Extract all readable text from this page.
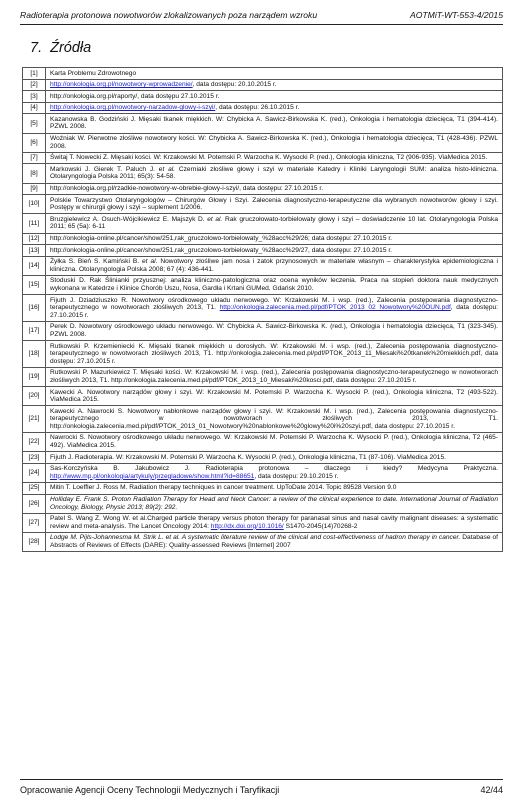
Radioterapia protonowa nowotworów zlokalizowanych poza narządem wzroku	AOTMiT-WT-553-4/2015
7. Źródła
[1]	Karta Problemu Zdrowotnego
[2]	http://onkologia.org.pl/nowotwory-wprowadzenie/, data dostępu: 20.10.2015 r.
[3]	http://onkologia.org.pl/raporty/, data dostępu 27.10.2015 r.
[4]	http://onkologia.org.pl/nowotwory-narzadow-glowy-i-szyi/, data dostępu: 26.10.2015 r.
[5]	Kazanowska B. Godziński J. Mięsaki tkanek miękkich. W: Chybicka A. Sawicz-Birkowska K. (red.), Onkologia i hematologia dziecięca, T1 (394-414). PZWL 2008.
[6]	Woźniak W. Pierwotne złośliwe nowotwory kości. W: Chybicka A. Sawicz-Birkowska K. (red.), Onkologia i hematologia dziecięca, T1 (428-436). PZWL 2008.
[7]	Świtaj T. Nowecki Z. Mięsaki kości. W: Krzakowski M. Potemski P. Warzocha K. Wysocki P. (red.), Onkologia kliniczna, T2 (906-935). ViaMedica 2015.
[8]	Markowski J. Gierek T. Paluch J. et al. Czerniaki złośliwe głowy i szyi w materiale Katedry i Kliniki Laryngologii SUM: analiza histo-kliniczna. Otolaryngologia Polska 2011; 65(3): 54-58.
[9]	http://onkologia.org.pl/rzadkie-nowotwory-w-obrebie-glowy-i-szyi/, data dostępu: 27.10.2015 r.
[10]	Polskie Towarzystwo Otolaryngologów – Chirurgów Głowy i Szyi. Zalecenia diagnostyczno-terapeutyczne dla wybranych nowotworów głowy i szyi. Postępy w chirurgii głowy i szyi – suplement 1/2006.
[11]	Bruzgielewicz A. Osuch-Wójcikiewicz E. Majszyk D. et al. Rak gruczołowato-torbielowaty głowy i szyi – doświadczenie 10 lat. Otolaryngologia Polska 2011; 65 (5a): 6-11
[12]	http://onkologia-online.pl/cancer/show/251,rak_gruczolowo-torbielowaty_%28acc%29/26; data dostępu: 27.10.2015 r.
[13]	http://onkologia-online.pl/cancer/show/251,rak_gruczolowo-torbielowaty_%28acc%29/27, data dostępu: 27.10.2015 r.
[14]	Żyłka S. Bień S. Kamiński B. et al. Nowotwory złośliwe jam nosa i zatok przynosowych w materiale własnym – charakterystyka epidemiologiczna i kliniczna. Otolaryngologia Polska 2008; 67 (4): 436-441.
[15]	Stoduski D. Rak Ślinianki przyusznej: analiza kliniczno-patologiczna oraz ocena wyników leczenia. Praca na stopień doktora nauk medycznych wykonana w Katedrze i Klinice Chorób Uszu, Nosa, Gardła i Krtani GUMed. Gdańsk 2010.
[16]	Fijuth J. Dziadziuszko R. Nowotwory ośrodkowego układu nerwowego. W: Krzakowski M. i wsp. (red.), Zalecenia postępowania diagnostyczno-terapeutycznego w nowotworach złośliwych 2013, T1. http://onkologia.zalecenia.med.pl/pdf/PTOK_2013_02_Nowotwory%20OUN.pdf, data dostępu: 27.10.2015 r.
[17]	Perek D. Nowotwory ośrodkowego układu nerwowego. W: Chybicka A. Sawicz-Birkowska K. (red.), Onkologia i hematologia dziecięca, T1 (323-345). PZWL 2008.
[18]	Rutkowski P. Krzemieniecki K. Mięsaki tkanek miękkich u dorosłych. W: Krzakowski M. i wsp. (red.), Zalecenia postępowania diagnostyczno-terapeutycznego w nowotworach złośliwych 2013, T1. http://onkologia.zalecenia.med.pl/pdf/PTOK_2013_11_Miesaki%20tkanek%20miekkich.pdf, data dostępu: 27.10.2015 r.
[19]	Rutkowski P. Mazurkiewicz T. Mięsaki kości. W: Krzakowski M. i wsp. (red.), Zalecenia postępowania diagnostyczno-terapeutycznego w nowotworach złośliwych 2013, T1. http://onkologia.zalecenia.med.pl/pdf/PTOK_2013_10_Miesaki%20kosci.pdf, data dostępu: 27.10.2015 r.
[20]	Kawecki A. Nowotwory narządów głowy i szyi. W: Krzakowski M. Potemski P. Warzocha K. Wysocki P. (red.), Onkologia kliniczna, T2 (493-522). ViaMedica 2015.
[21]	Kawecki A. Nawrocki S. Nowotwory nabłonkowe narządów głowy i szyi. W: Krzakowski M. i wsp. (red.), Zalecenia postępowania diagnostyczno-terapeutycznego w nowotworach złośliwych 2013, T1. http://onkologia.zalecenia.med.pl/pdf/PTOK_2013_01_Nowotwory%20nablonkowe%20glowy%20i%20szyi.pdf, data dostępu: 27.10.2015 r.
[22]	Nawrocki S. Nowotwory ośrodkowego układu nerwowego. W: Krzakowski M. Potemski P. Warzocha K. Wysocki P. (red.), Onkologia kliniczna, T2 (465-492). ViaMedica 2015.
[23]	Fijuth J. Radioterapia. W: Krzakowski M. Potemski P. Warzocha K. Wysocki P. (red.), Onkologia kliniczna, T1 (87-106). ViaMedica 2015.
[24]	Sas-Korczyńska B. Jakubowicz J. Radioterapia protonowa – dlaczego i kiedy? Medycyna Praktyczna. http://www.mp.pl/onkologia/artykuly/przegladowe/show.html?id=88651, data dostępu: 29.10.2015 r.
[25]	Mitin T. Loeffler J. Ross M. Radiation therapy techniques in cancer treatment. UpToDate 2014. Topic 89528 Version 9.0
[26]	Holliday E. Frank S. Proton Radiation Therapy for Head and Neck Cancer: a review of the clinical experience to date. International Journal of Radiation Oncology, Biology, Physic 2013; 89(2): 292.
[27]	Patel S. Wang Z. Wong W. et al.Charged particle therapy versus photon therapy for paranasal sinus and nasal cavity malignant diseases: a systematic review and meta-analysis. The Lancet Oncology 2014: http://dx.doi.org/10.1016/ S1470-2045(14)70268-2
[28]	Lodge M. Pijls-Johannesma M. Strik L. et al. A systematic literature review of the clinical and cost-effectiveness of hadron therapy in cancer. Database of Abstracts of Reviews of Effects (DARE): Quality-assessed Reviews [Internet] 2007
Opracowanie Agencji Oceny Technologii Medycznych i Taryfikacji	42/44
